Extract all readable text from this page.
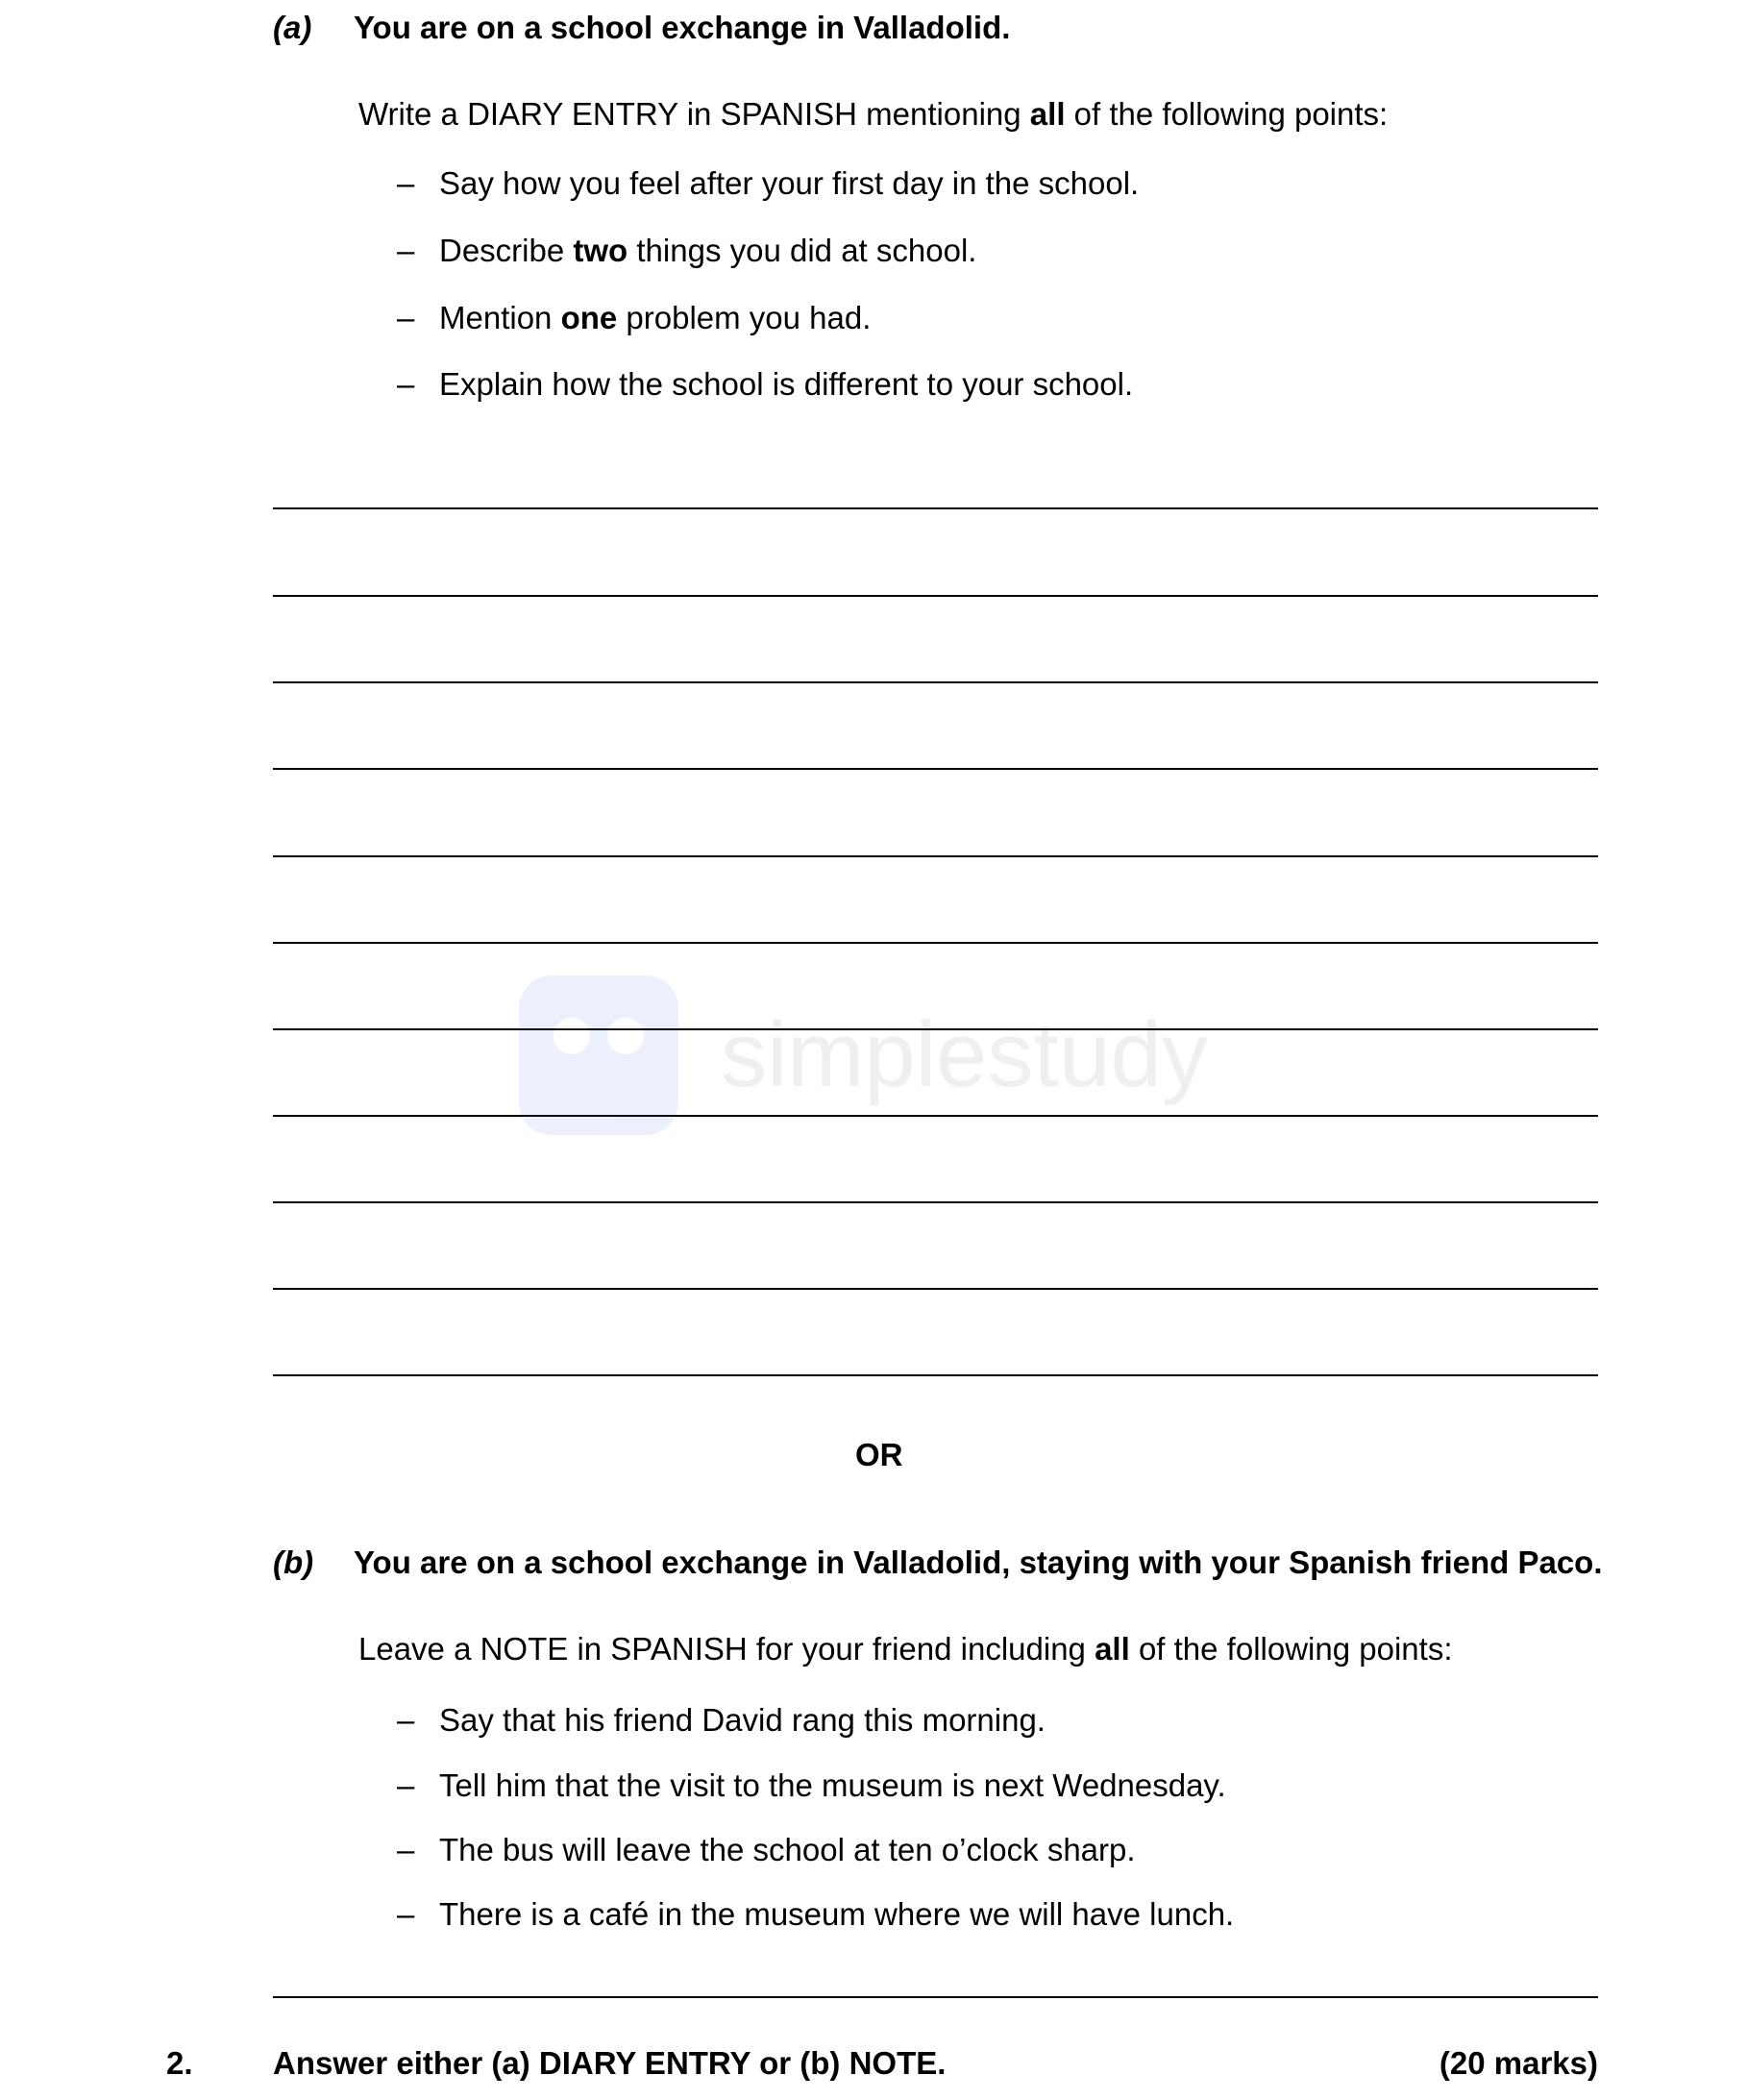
(a) You are on a school exchange in Valladolid.
Write a DIARY ENTRY in SPANISH mentioning all of the following points:
– Say how you feel after your first day in the school.
– Describe two things you did at school.
– Mention one problem you had.
– Explain how the school is different to your school.
simplestudy
OR
(b) You are on a school exchange in Valladolid, staying with your Spanish friend Paco.
Leave a NOTE in SPANISH for your friend including all of the following points:
– Say that his friend David rang this morning.
– Tell him that the visit to the museum is next Wednesday.
– The bus will leave the school at ten o’clock sharp.
– There is a café in the museum where we will have lunch.
2.	Answer either (a) DIARY ENTRY or (b) NOTE.	(20 marks)
